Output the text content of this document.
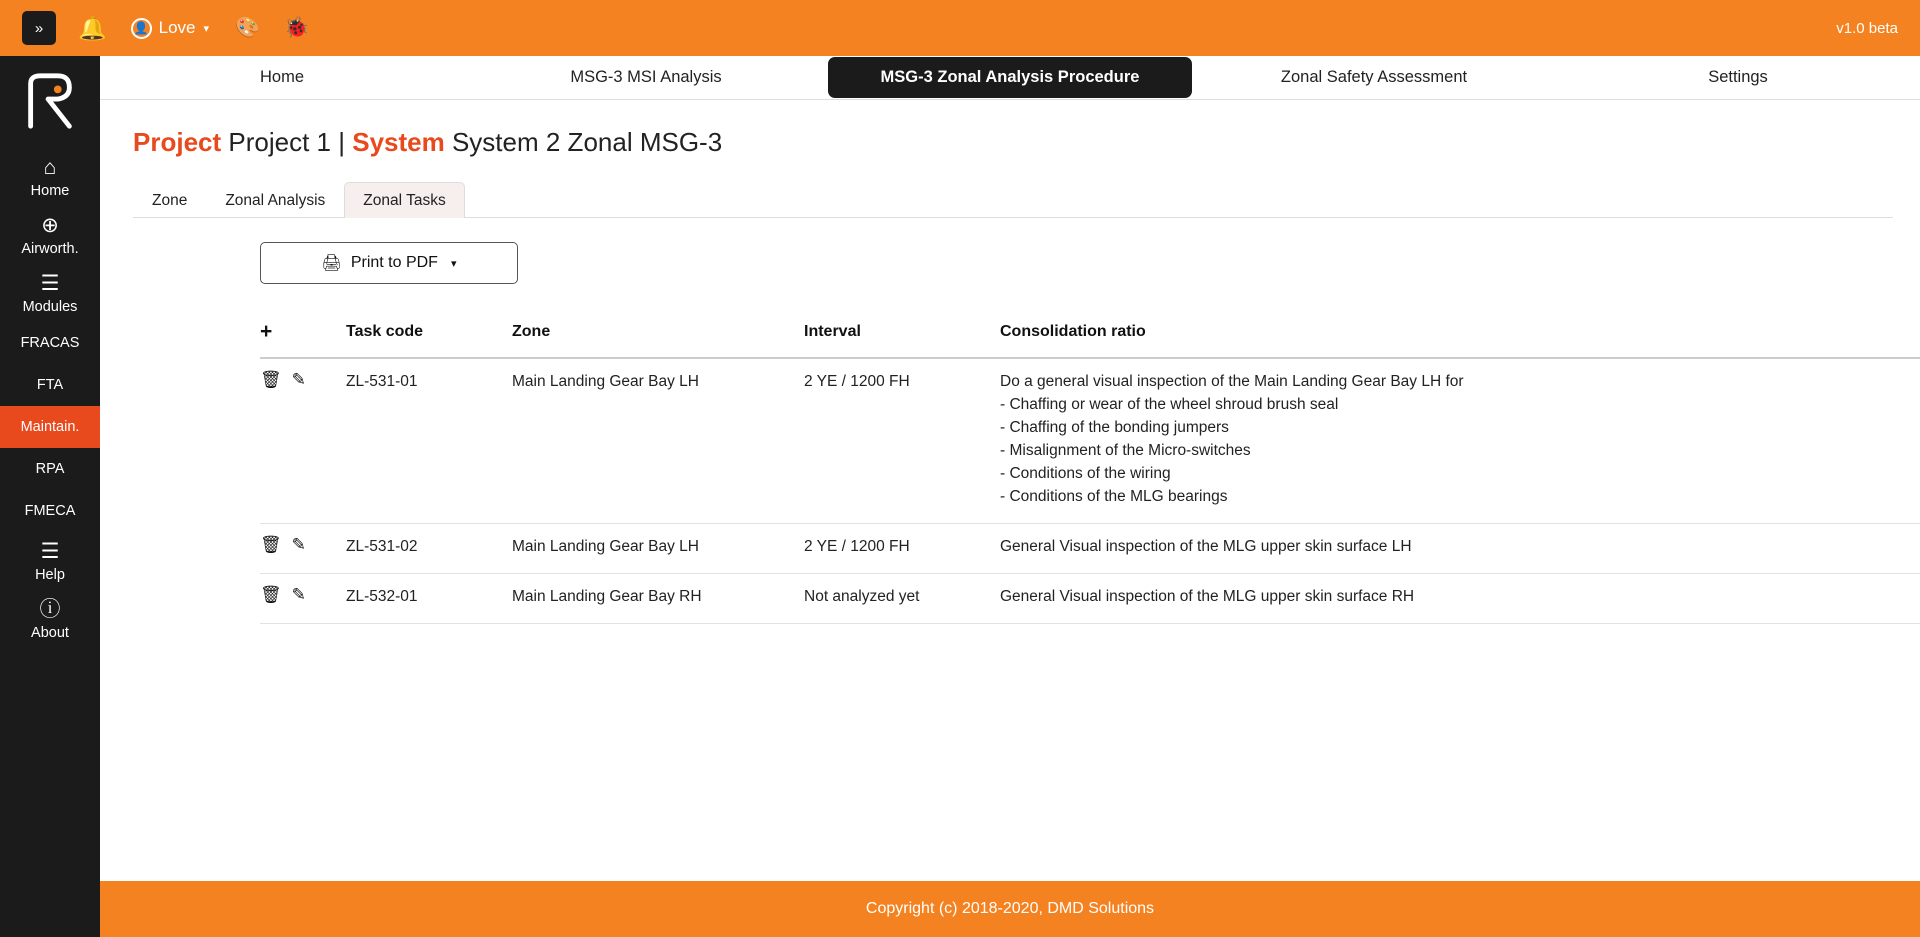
» 🔔 👤 Love ▾ 🎨 🐞	v1.0 beta
⌂
Home
⊕
Airworth.
☰
Modules
FRACAS
FTA
Maintain.
RPA
FMECA
☰
Help
ⓘ
About
Home	MSG-3 MSI Analysis	MSG-3 Zonal Analysis Procedure	Zonal Safety Assessment	Settings
Project Project 1 | System System 2 Zonal MSG-3
Zone	Zonal Analysis	Zonal Tasks
🖨 Print to PDF ▾
+	Task code	Zone	Interval	Consolidation ratio

🗑 ✎	ZL-531-01	Main Landing Gear Bay LH	2 YE / 1200 FH	Do a general visual inspection of the Main Landing Gear Bay LH for
- Chaffing or wear of the wheel shroud brush seal
- Chaffing of the bonding jumpers
- Misalignment of the Micro-switches
- Conditions of the wiring
- Conditions of the MLG bearings

🗑 ✎	ZL-531-02	Main Landing Gear Bay LH	2 YE / 1200 FH	General Visual inspection of the MLG upper skin surface LH

🗑 ✎	ZL-532-01	Main Landing Gear Bay RH	Not analyzed yet	General Visual inspection of the MLG upper skin surface RH
Copyright (c) 2018-2020, DMD Solutions
